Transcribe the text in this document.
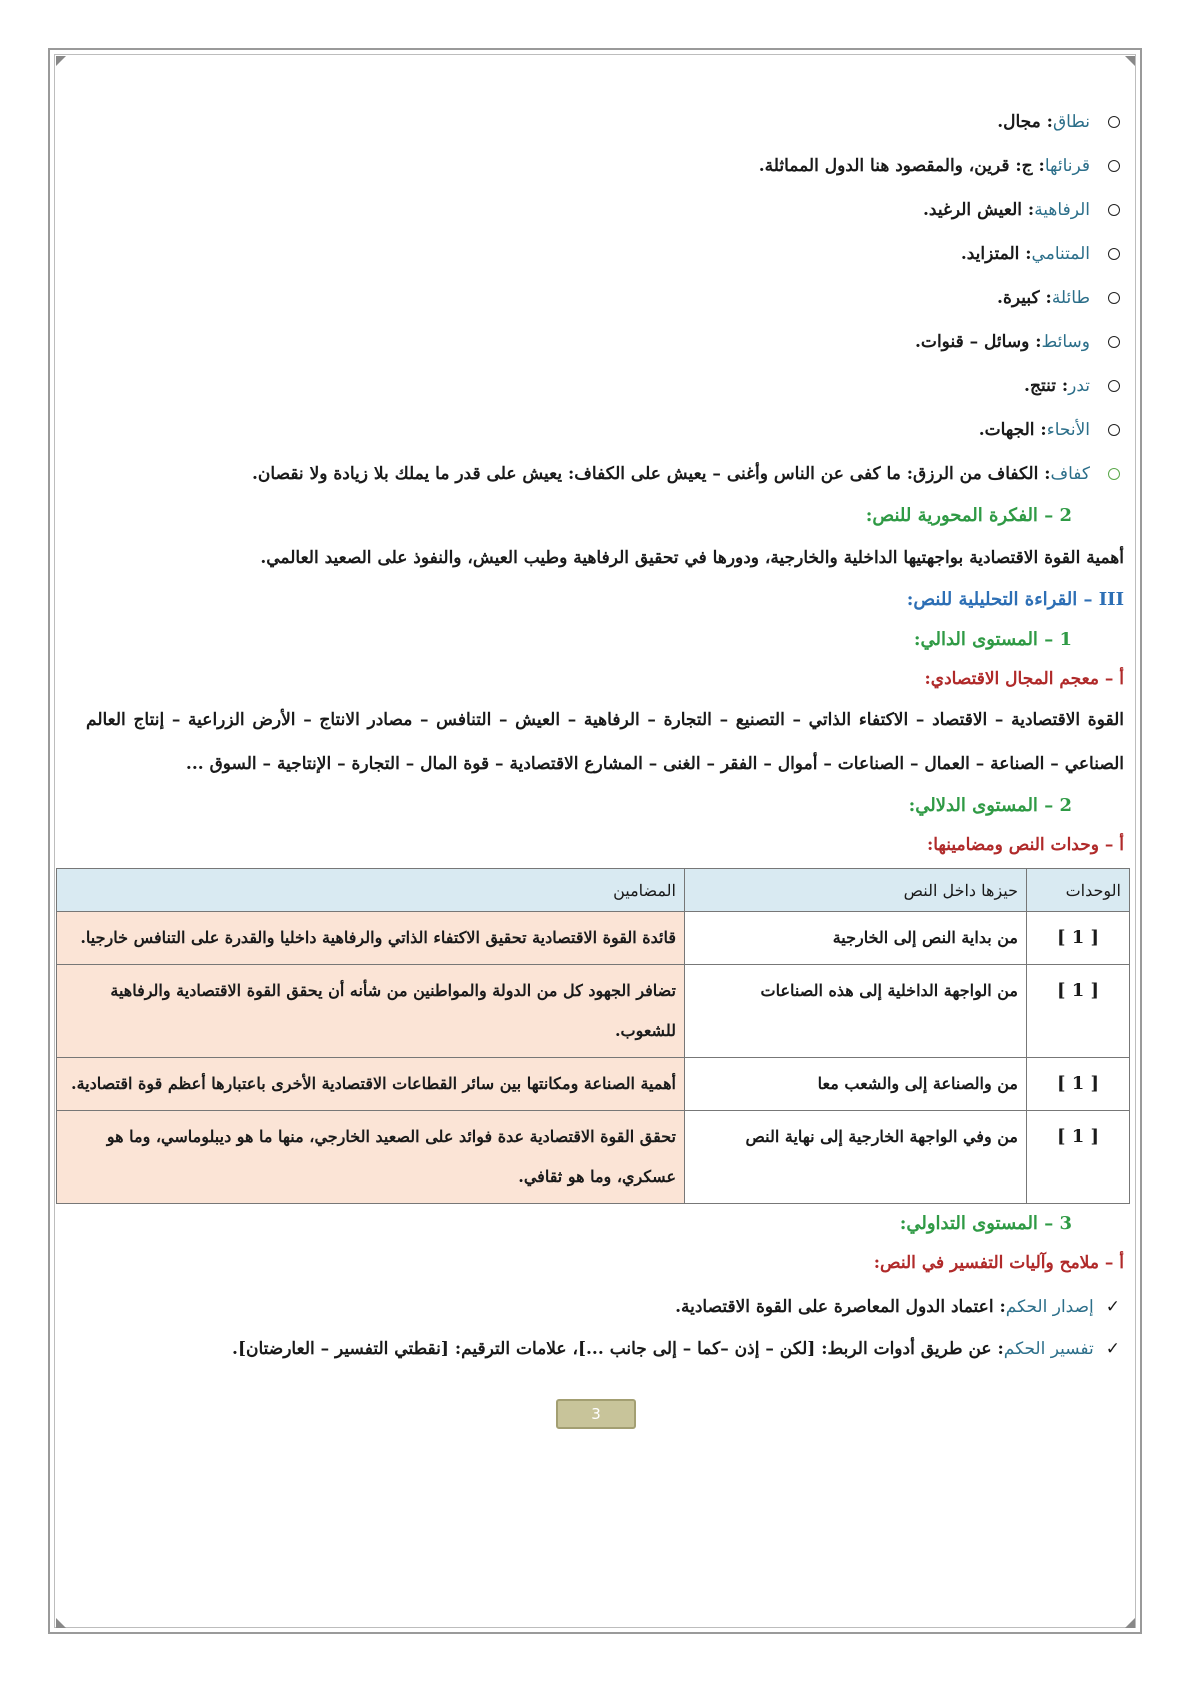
نطاق
: مجال.
قرنائها
: ج: قرين، والمقصود هنا الدول المماثلة.
الرفاهية
: العيش الرغيد.
المتنامي
: المتزايد.
طائلة
: كبيرة.
وسائط
: وسائل – قنوات.
تدر
: تنتج.
الأنحاء
: الجهات.
كفاف
: الكفاف من الرزق: ما كفى عن الناس وأغنى – يعيش على الكفاف: يعيش على قدر ما يملك بلا زيادة ولا نقصان.
2 – الفكرة المحورية للنص:
أهمية القوة الاقتصادية بواجهتيها الداخلية والخارجية، ودورها في تحقيق الرفاهية وطيب العيش، والنفوذ على الصعيد العالمي.
III – القراءة التحليلية للنص:
1 – المستوى الدالي:
أ – معجم المجال الاقتصادي:
القوة الاقتصادية – الاقتصاد – الاكتفاء الذاتي – التصنيع – التجارة – الرفاهية – العيش – التنافس – مصادر الانتاج – الأرض الزراعية – إنتاج العالم الصناعي – الصناعة – العمال – الصناعات – أموال – الفقر – الغنى – المشارع الاقتصادية – قوة المال – التجارة – الإنتاجية – السوق ...
2 – المستوى الدلالي:
أ – وحدات النص ومضامينها:
الوحدات	حيزها داخل النص	المضامين
[ 1 ]	من بداية النص إلى الخارجية	قائدة القوة الاقتصادية تحقيق الاكتفاء الذاتي والرفاهية داخليا والقدرة على التنافس خارجيا.
[ 1 ]	من الواجهة الداخلية إلى هذه الصناعات	تضافر الجهود كل من الدولة والمواطنين من شأنه أن يحقق القوة الاقتصادية والرفاهية للشعوب.
[ 1 ]	من والصناعة إلى والشعب معا	أهمية الصناعة ومكانتها بين سائر القطاعات الاقتصادية الأخرى باعتبارها أعظم قوة اقتصادية.
[ 1 ]	من وفي الواجهة الخارجية إلى نهاية النص	تحقق القوة الاقتصادية عدة فوائد على الصعيد الخارجي، منها ما هو ديبلوماسي، وما هو عسكري، وما هو ثقافي.
3 – المستوى التداولي:
أ – ملامح وآليات التفسير في النص:
✓إصدار الحكم: اعتماد الدول المعاصرة على القوة الاقتصادية.
✓تفسير الحكم: عن طريق أدوات الربط: [لكن – إذن –كما – إلى جانب ...]، علامات الترقيم: [نقطتي التفسير – العارضتان].
3
